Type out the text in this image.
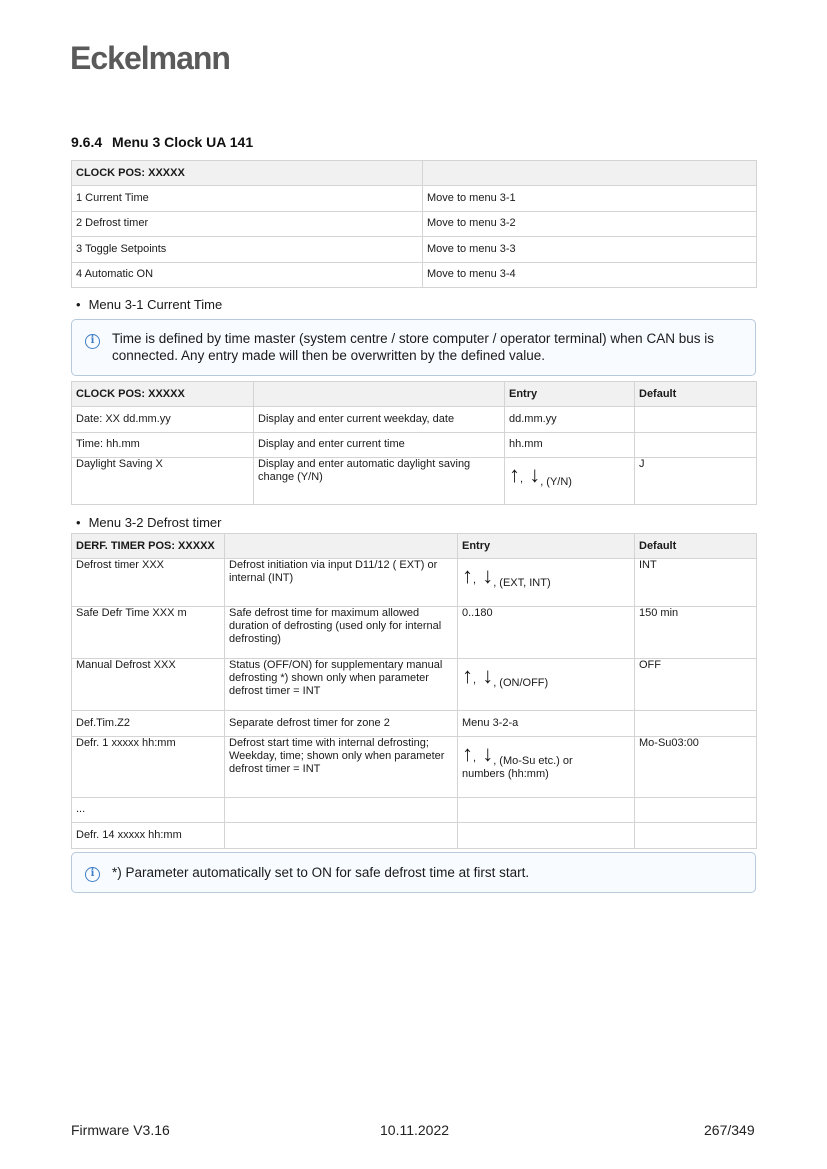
Eckelmann
9.6.4 Menu 3 Clock UA 141
CLOCK POS: XXXXX	
1 Current Time	Move to menu 3-1
2 Defrost timer	Move to menu 3-2
3 Toggle Setpoints	Move to menu 3-3
4 Automatic ON	Move to menu 3-4
• Menu 3-1 Current Time
i	Time is defined by time master (system centre / store computer / operator terminal) when CAN bus is connected. Any entry made will then be overwritten by the defined value.
CLOCK POS: XXXXX		Entry	Default
Date: XX dd.mm.yy	Display and enter current weekday, date	dd.mm.yy	
Time: hh.mm	Display and enter current time	hh.mm	
Daylight Saving X	Display and enter automatic daylight saving change (Y/N)	↑, ↓, (Y/N)	J
• Menu 3-2 Defrost timer
DERF. TIMER POS: XXXXX		Entry	Default
Defrost timer XXX	Defrost initiation via input D11/12 ( EXT) or internal (INT)	↑, ↓, (EXT, INT)	INT
Safe Defr Time XXX m	Safe defrost time for maximum allowed duration of defrosting (used only for internal defrosting)	0..180	150 min
Manual Defrost XXX	Status (OFF/ON) for supplementary manual defrosting *) shown only when parameter defrost timer = INT	↑, ↓, (ON/OFF)	OFF
Def.Tim.Z2	Separate defrost timer for zone 2	Menu 3-2-a	
Defr. 1 xxxxx hh:mm	Defrost start time with internal defrosting; Weekday, time; shown only when parameter defrost timer = INT	↑, ↓, (Mo-Su etc.) or
numbers (hh:mm)	Mo-Su03:00
...			
Defr. 14 xxxxx hh:mm			
i	*) Parameter automatically set to ON for safe defrost time at first start.
Firmware V3.16	10.11.2022	267/349
